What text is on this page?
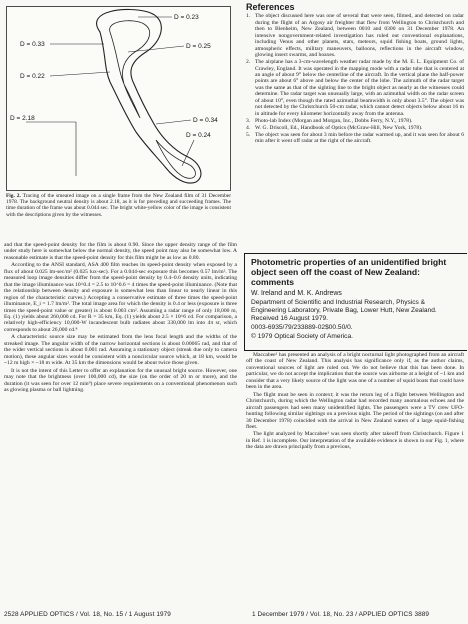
D = 0.23
D = 0.33	D = 0.25
D = 0.22
D = 2.18	D = 0.34
D = 0.24
Fig. 2. Tracing of the smeared image on a single frame from the New Zealand film of 31 December 1978. The background neutral density is about 2.18, as it is for preceding and succeeding frames. The time duration of the frame was about 0.044 sec. The bright white-yellow color of the image is consistent with the descriptions given by the witnesses.

and that the speed-point density for the film is about 0.90. Since the upper density range of the film under study here is somewhat below the normal density, the speed point may also be somewhat low. A reasonable estimate is that the speed-point density for this film might be as low as 0.80.

According to the ANSI standard, ASA 400 film reaches its speed-point density when exposed by a flux of about 0.025 lm-sec/m² (0.025 lux-sec). For a 0.044-sec exposure this becomes 0.57 lm/m². The measured loop image densities differ from the speed-point density by 0.4–0.6 density units, indicating that the image illuminance was 10^0.4 = 2.5 to 10^0.6 = 4 times the speed-point illuminance. (Note that the relationship between density and exposure is somewhat less than linear to nearly linear in this region of the characteristic curves.) Accepting a conservative estimate of three times the speed-point illuminance, E_i = 1.7 lm/m². The total image area for which the density is 0.4 or less (exposure is three times the speed-point value or greater) is about 0.003 cm². Assuming a radar range of only 18,000 m, Eq. (1) yields about 260,000 cd. For R = 35 km, Eq. (1) yields about 2.5 × 10^6 cd. For comparison, a relatively high-efficiency 10,000-W incandescent bulb radiates about 330,000 lm into 4π sr, which corresponds to about 26,000 cd.⁸

A characteristic source size may be estimated from the lens focal length and the widths of the streaked image. The angular width of the narrow horizontal sections is about 0.00065 rad, and that of the wider vertical sections is about 0.001 rad. Assuming a stationary object (streak due only to camera motion), these angular sizes would be consistent with a noncircular source which, at 18 km, would be ~12 m high × ~18 m wide. At 35 km the dimensions would be about twice those given.

It is not the intent of this Letter to offer an explanation for the unusual bright source. However, one may note that the brightness (over 100,000 cd), the size (on the order of 20 m or more), and the duration (it was seen for over 12 min⁹) place severe requirements on a conventional phenomenon such as glowing plasma or ball lightning.

References
1. The object discussed here was one of several that were seen, filmed, and detected on radar during the flight of an Argosy air freighter that flew from Wellington to Christchurch and then to Blenheim, New Zealand, between 0010 and 0300 on 31 December 1978. An intensive nongovernment-related investigation has ruled out conventional explanations, including Venus and other planets, stars, meteors, squid fishing boats, ground lights, atmospheric effects, military maneuvers, balloons, reflections in the aircraft window, glowing insect swarms, and hoaxes.
2. The airplane has a 3-cm-wavelength weather radar made by the M. E. L. Equipment Co. of Crawley, England. It was operated in the mapping mode with a radar tube that is centered at an angle of about 9° below the centerline of the aircraft. In the vertical plane the half-power points are about 6° above and below the center of the lobe. The azimuth of the radar target was the same as that of the sighting line to the bright object as nearly as the witnesses could determine. The radar target was unusually large, with an azimuthal width on the radar screen of about 10°, even though the rated azimuthal beamwidth is only about 3.5°. The object was not detected by the Christchurch 50-cm radar, which cannot detect objects below about 16 m in altitude for every kilometer horizontally away from the antenna.
3. Photo-lab Index (Morgan and Morgan, Inc., Dobbs Ferry, N.Y., 1978).
4. W. G. Driscoll, Ed., Handbook of Optics (McGraw-Hill, New York, 1978).
5. The object was seen for about 3 min before the radar warmed up, and it was seen for about 6 min after it went off radar at the right of the aircraft.
Photometric properties of an unidentified bright object seen off the coast of New Zealand: comments
W. Ireland and M. K. Andrews
Department of Scientific and Industrial Research, Physics & Engineering Laboratory, Private Bag, Lower Hutt, New Zealand.
Received 16 August 1979.
0003-6935/79/233889-02$00.50/0.
© 1979 Optical Society of America.

Maccabee¹ has presented an analysis of a bright nocturnal light photographed from an aircraft off the coast of New Zealand. This analysis has significance only if, as the author claims, conventional sources of light are ruled out. We do not believe that this has been done. In particular, we do not accept the implication that the source was airborne at a height of ~1 km and consider that a very likely source of the light was one of a number of squid boats that could have been in the area.

The flight must be seen in context; it was the return leg of a flight between Wellington and Christchurch, during which the Wellington radar had recorded many anomalous echoes and the aircraft passengers had seen many unidentified lights. The passengers were a TV crew UFO-hunting following similar sightings on a previous night. The period of the sightings (on and after 30 December 1978) coincided with the arrival in New Zealand waters of a large squid-fishing fleet.

The light analyzed by Maccabee¹ was seen shortly after takeoff from Christchurch. Figure 1 in Ref. 1 is incomplete. Our interpretation of the available evidence is shown in our Fig. 1, where the data are drawn principally from a previous,

2528 APPLIED OPTICS / Vol. 18, No. 15 / 1 August 1979	1 December 1979 / Vol. 18, No. 23 / APPLIED OPTICS 3889
